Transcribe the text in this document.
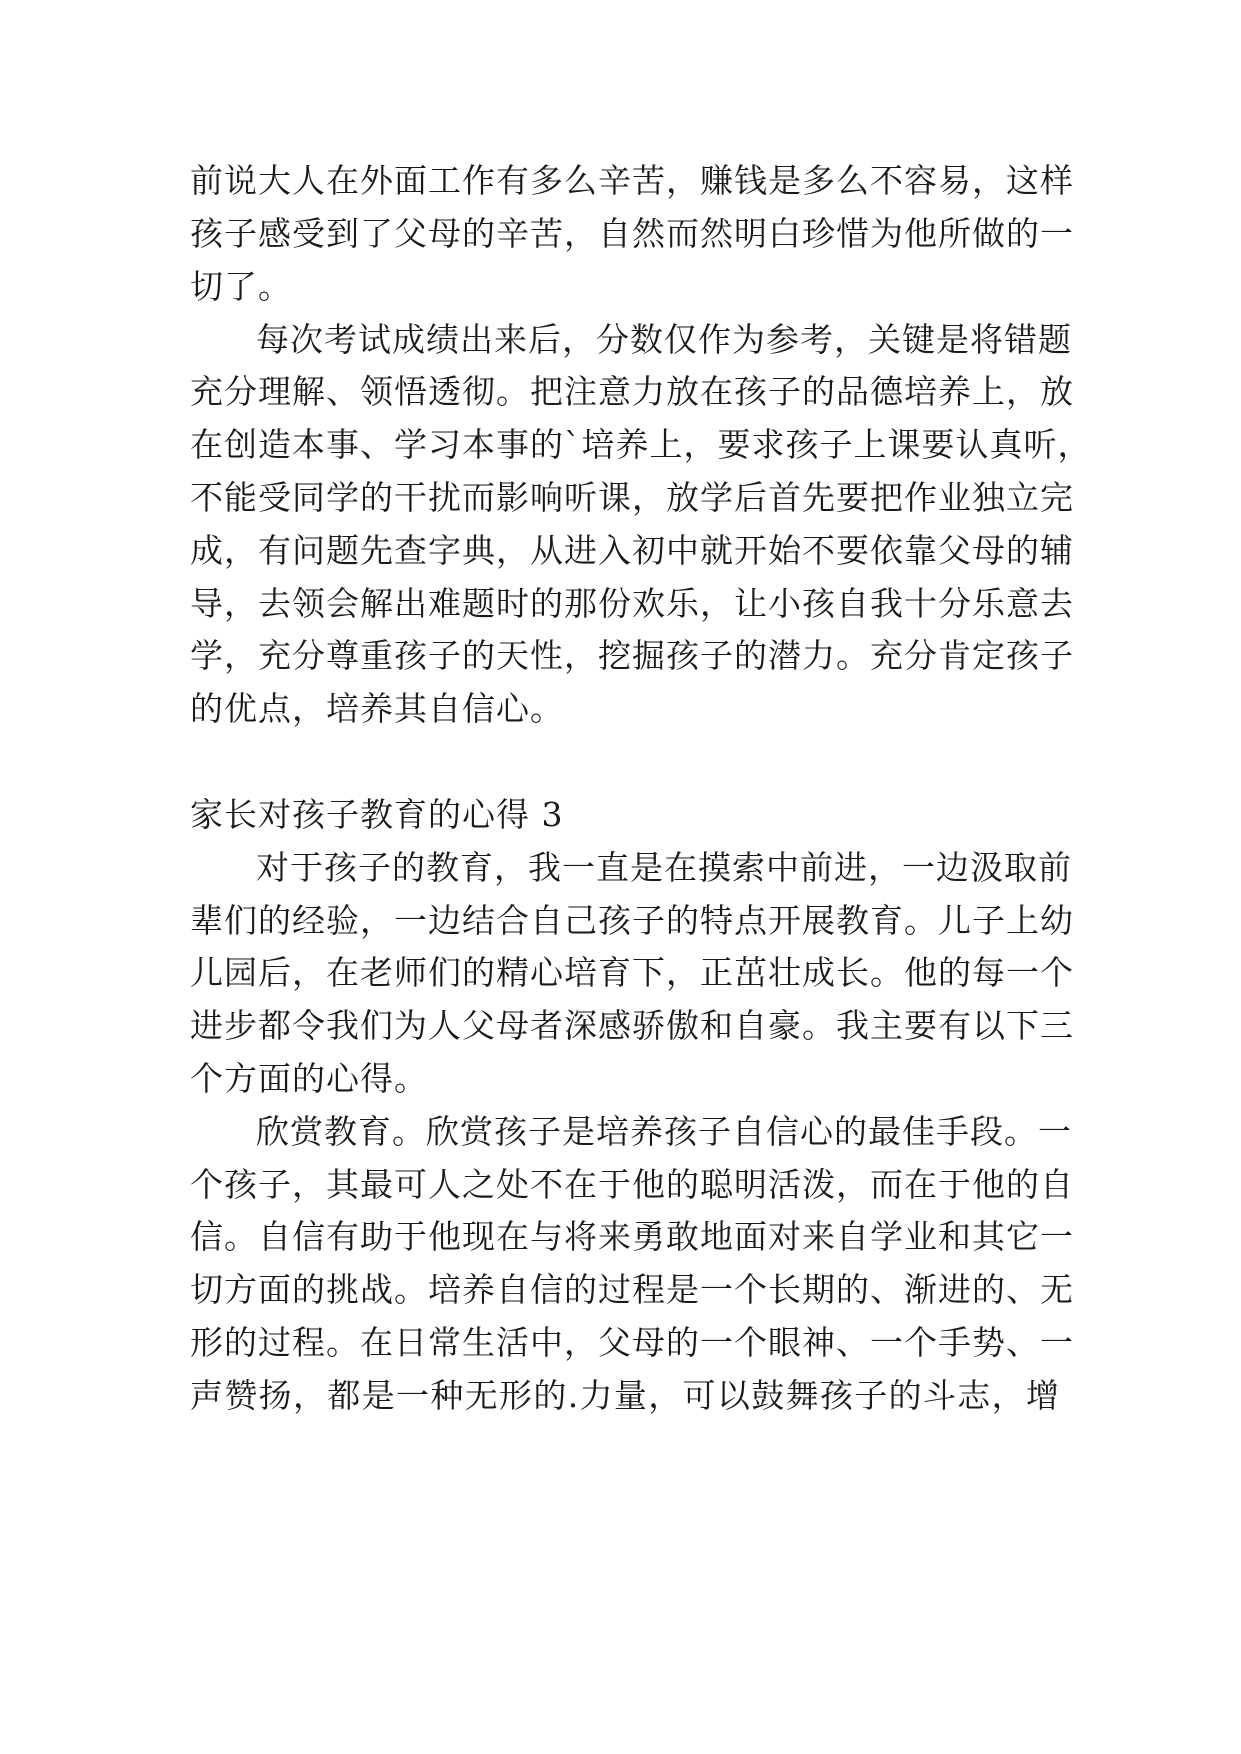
前说大人在外面工作有多么辛苦，赚钱是多么不容易，这样
孩子感受到了父母的辛苦，自然而然明白珍惜为他所做的一
切了。
每次考试成绩出来后，分数仅作为参考，关键是将错题
充分理解、领悟透彻。把注意力放在孩子的品德培养上，放
在创造本事、学习本事的`培养上，要求孩子上课要认真听，
不能受同学的干扰而影响听课，放学后首先要把作业独立完
成，有问题先查字典，从进入初中就开始不要依靠父母的辅
导，去领会解出难题时的那份欢乐，让小孩自我十分乐意去
学，充分尊重孩子的天性，挖掘孩子的潜力。充分肯定孩子
的优点，培养其自信心。
家长对孩子教育的心得 3
对于孩子的教育，我一直是在摸索中前进，一边汲取前
辈们的经验，一边结合自己孩子的特点开展教育。儿子上幼
儿园后，在老师们的精心培育下，正茁壮成长。他的每一个
进步都令我们为人父母者深感骄傲和自豪。我主要有以下三
个方面的心得。
欣赏教育。欣赏孩子是培养孩子自信心的最佳手段。一
个孩子，其最可人之处不在于他的聪明活泼，而在于他的自
信。自信有助于他现在与将来勇敢地面对来自学业和其它一
切方面的挑战。培养自信的过程是一个长期的、渐进的、无
形的过程。在日常生活中，父母的一个眼神、一个手势、一
声赞扬，都是一种无形的.力量，可以鼓舞孩子的斗志，增
